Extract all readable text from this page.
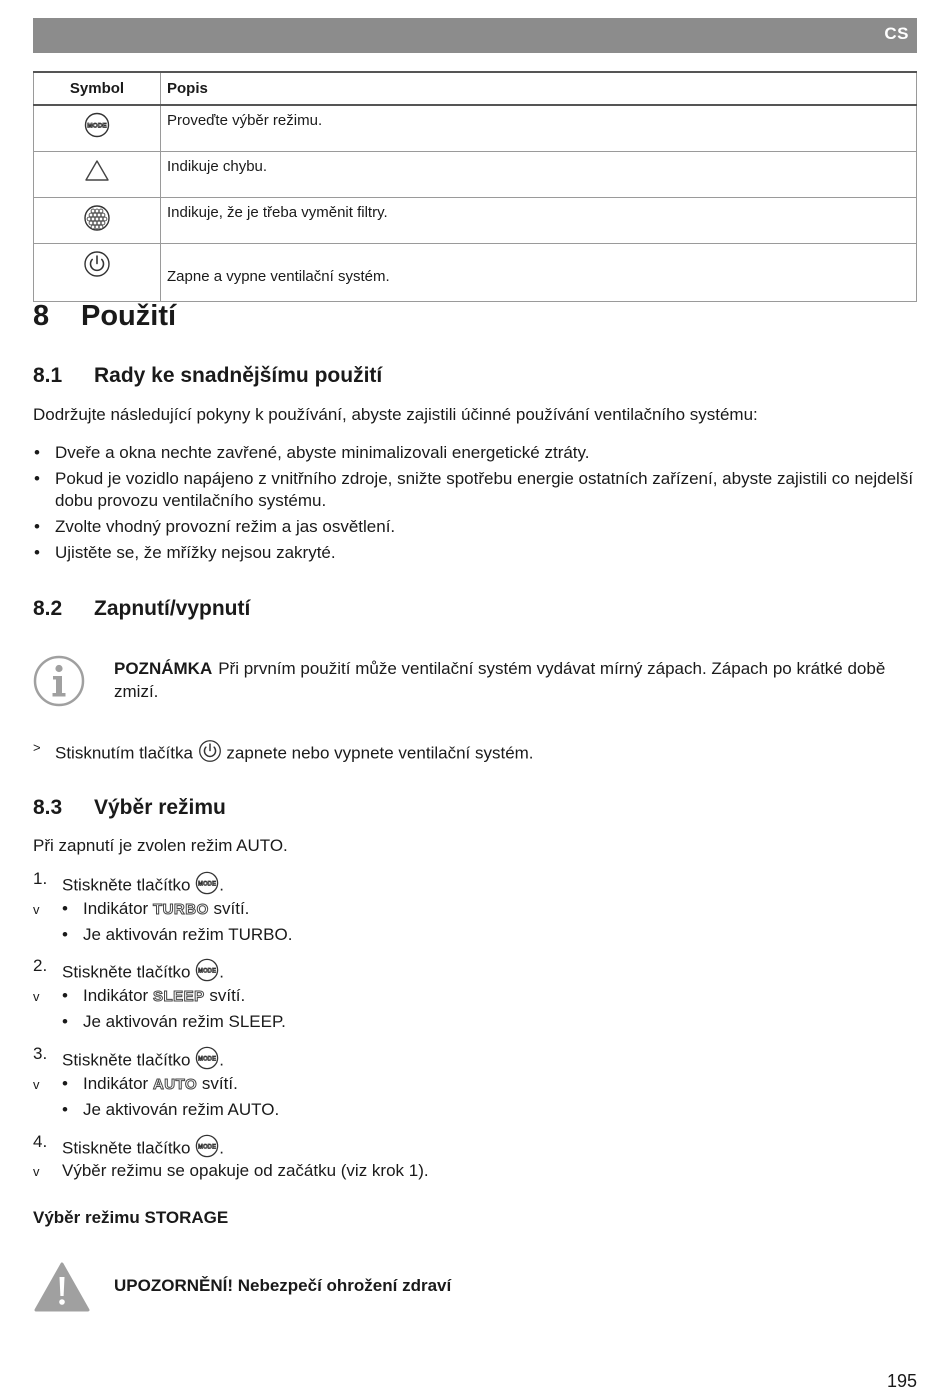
CS
Symbol	Popis

MODE	Proveďte výběr režimu.
	Indikuje chybu.
	Indikuje, že je třeba vyměnit filtry.
	Zapne a vypne ventilační systém.
8 Použití
8.1 Rady ke snadnějšímu použití

Dodržujte následující pokyny k používání, abyste zajistili účinné používání ventilačního systému:

• Dveře a okna nechte zavřené, abyste minimalizovali energetické ztráty.
• Pokud je vozidlo napájeno z vnitřního zdroje, snižte spotřebu energie ostatních zařízení, abyste zajistili co nejdelší dobu provozu ventilačního systému.
• Zvolte vhodný provozní režim a jas osvětlení.
• Ujistěte se, že mřížky nejsou zakryté.
8.2 Zapnutí/vypnutí
POZNÁMKA Při prvním použití může ventilační systém vydávat mírný zápach. Zápach po krátké době zmizí.
> Stisknutím tlačítka zapnete nebo vypnete ventilační systém.
8.3 Výběr režimu

Při zapnutí je zvolen režim AUTO.

1. Stiskněte tlačítko MODE .
v • Indikátor TURBO svítí.
• Je aktivován režim TURBO.
2. Stiskněte tlačítko MODE .
v • Indikátor SLEEP svítí.
• Je aktivován režim SLEEP.
3. Stiskněte tlačítko MODE .
v • Indikátor AUTO svítí.
• Je aktivován režim AUTO.
4. Stiskněte tlačítko MODE .
v Výběr režimu se opakuje od začátku (viz krok 1).
Výběr režimu STORAGE
UPOZORNĚNÍ! Nebezpečí ohrožení zdraví
195
